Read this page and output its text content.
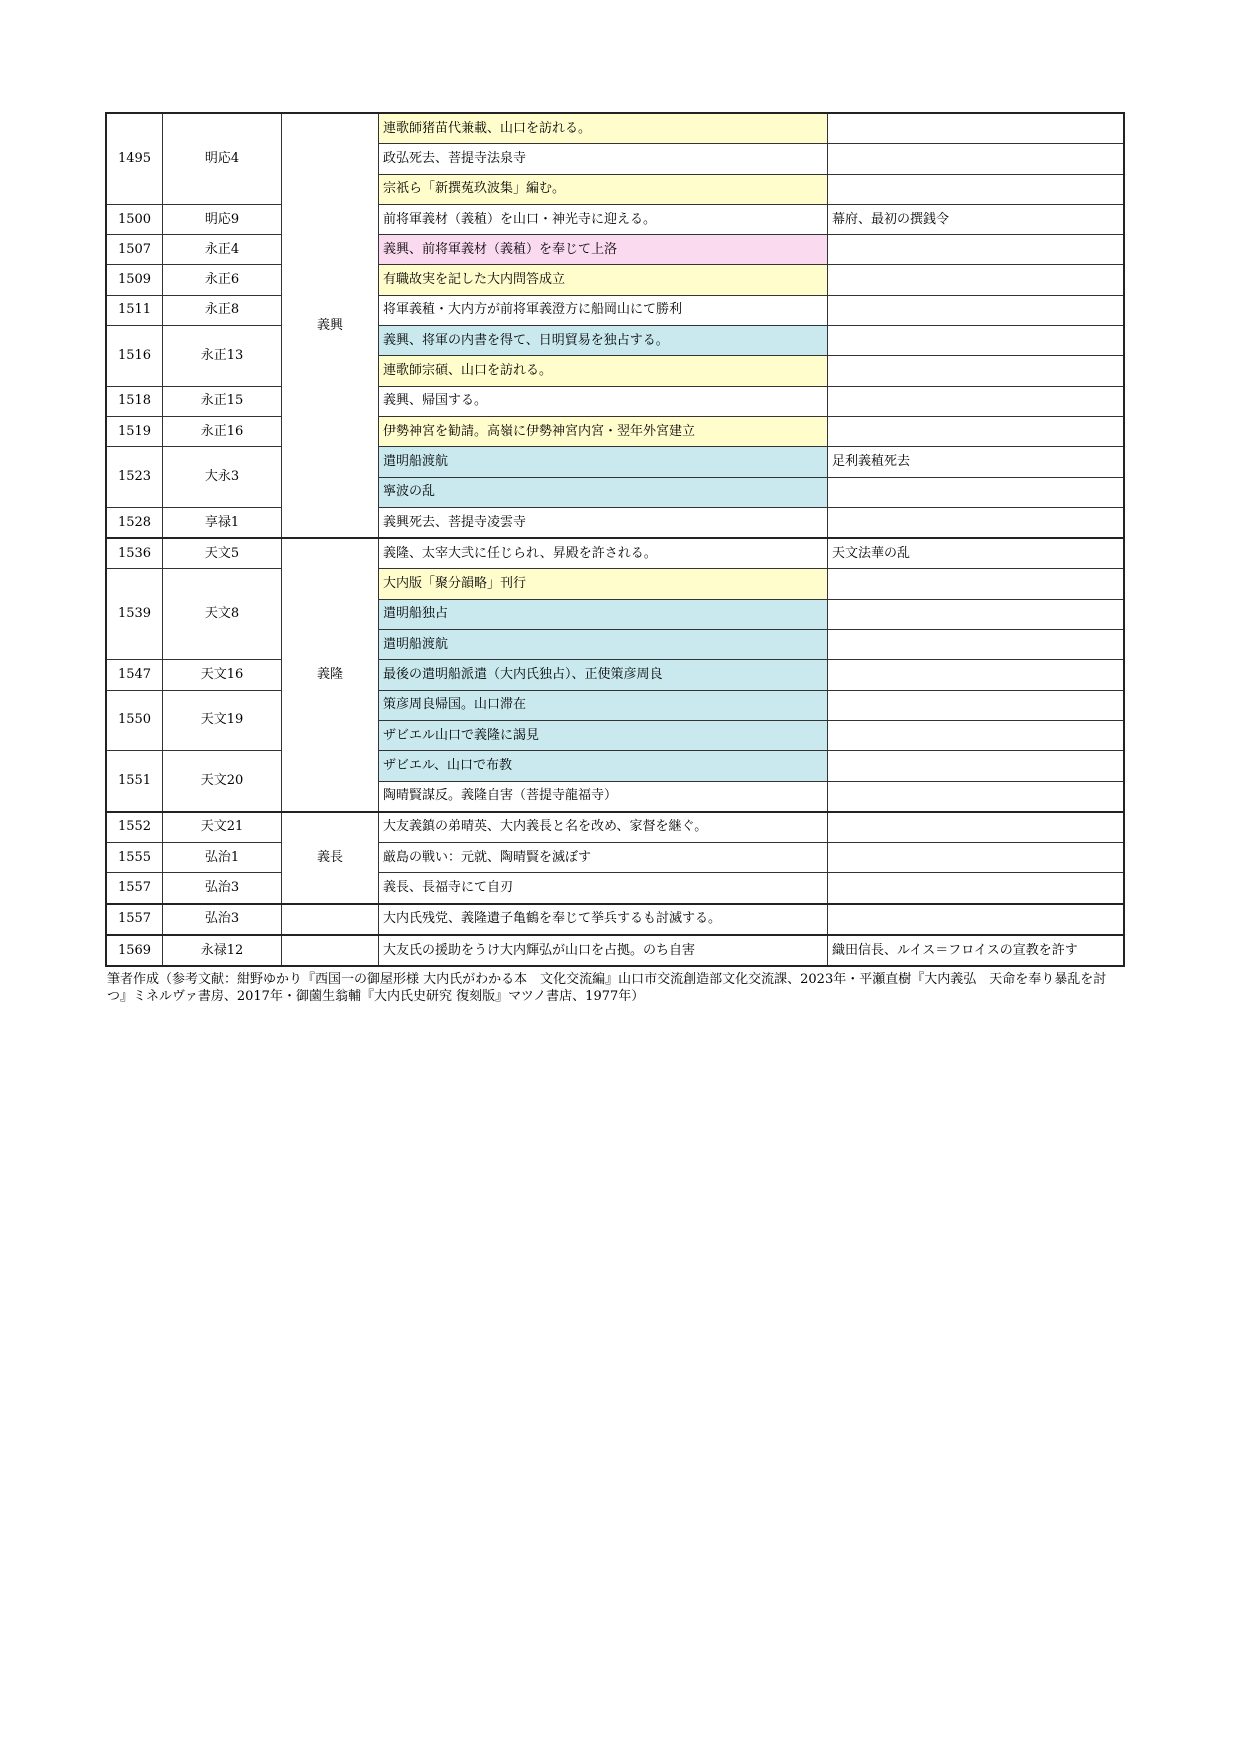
1495	明応4	義興	連歌師猪苗代兼載、山口を訪れる。	
			政弘死去、菩提寺法泉寺	
			宗祇ら「新撰菟玖波集」編む。	
1500	明応9		前将軍義材（義稙）を山口・神光寺に迎える。	幕府、最初の撰銭令
1507	永正4		義興、前将軍義材（義稙）を奉じて上洛	
1509	永正6		有職故実を記した大内問答成立	
1511	永正8		将軍義稙・大内方が前将軍義澄方に船岡山にて勝利	
1516	永正13		義興、将軍の内書を得て、日明貿易を独占する。	
			連歌師宗碩、山口を訪れる。	
1518	永正15		義興、帰国する。	
1519	永正16		伊勢神宮を勧請。高嶺に伊勢神宮内宮・翌年外宮建立	
1523	大永3		遣明船渡航	足利義稙死去
			寧波の乱	
1528	享禄1		義興死去、菩提寺凌雲寺	
1536	天文5	義隆	義隆、太宰大弐に任じられ、昇殿を許される。	天文法華の乱
1539	天文8		大内版「聚分韻略」刊行	
			遣明船独占	
			遣明船渡航	
1547	天文16		最後の遣明船派遣（大内氏独占）、正使策彦周良	
1550	天文19		策彦周良帰国。山口滞在	
			ザビエル山口で義隆に謁見	
1551	天文20		ザビエル、山口で布教	
			陶晴賢謀反。義隆自害（菩提寺龍福寺）	
1552	天文21	義長	大友義鎮の弟晴英、大内義長と名を改め、家督を継ぐ。	
1555	弘治1		厳島の戦い：元就、陶晴賢を滅ぼす	
1557	弘治3		義長、長福寺にて自刃	
1557	弘治3		大内氏残党、義隆遺子亀鶴を奉じて挙兵するも討滅する。	
1569	永禄12		大友氏の援助をうけ大内輝弘が山口を占拠。のち自害	織田信長、ルイス＝フロイスの宣教を許す
筆者作成（参考文献：紺野ゆかり『西国一の御屋形様 大内氏がわかる本　文化交流編』山口市交流創造部文化交流課、2023年・平瀬直樹『大内義弘　天命を奉り暴乱を討つ』ミネルヴァ書房、2017年・御薗生翁輔『大内氏史研究 復刻版』マツノ書店、1977年）
